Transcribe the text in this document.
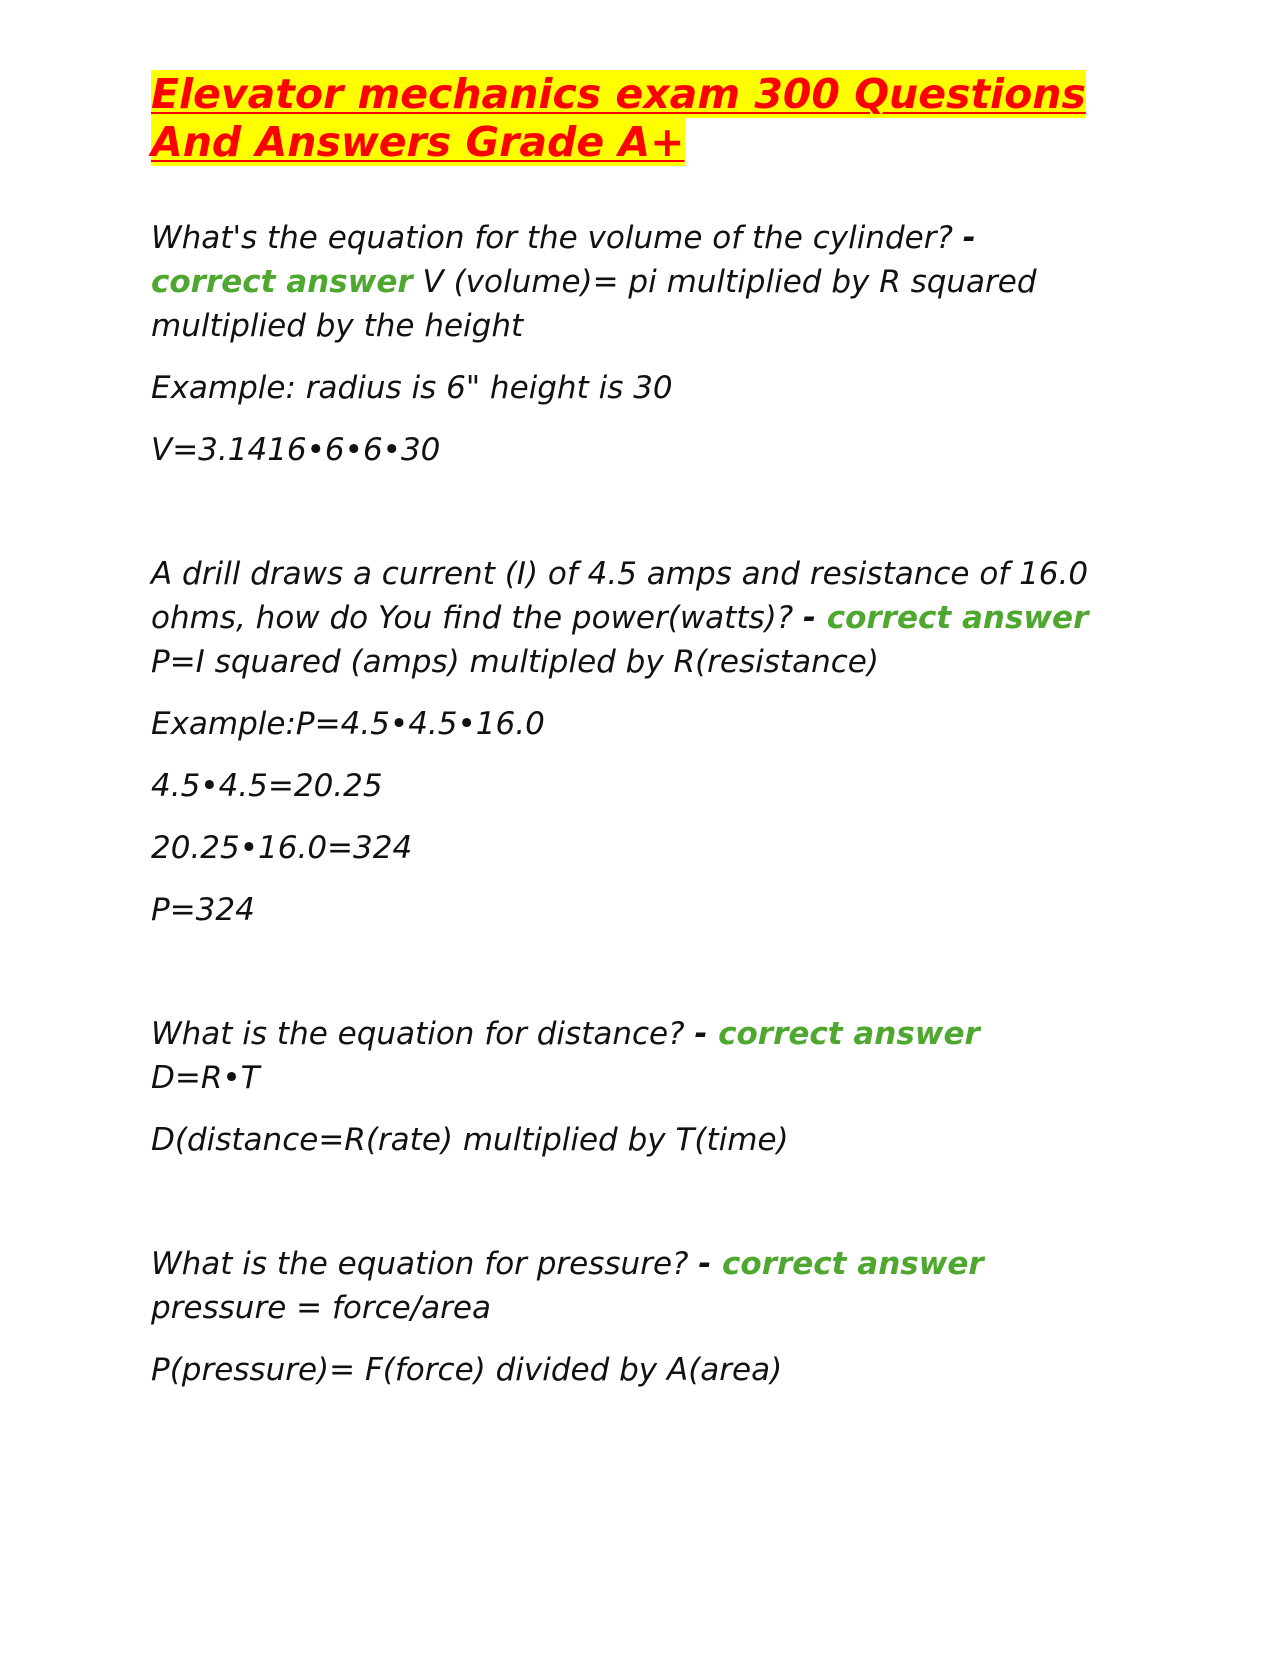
Elevator mechanics exam 300 Questions
And Answers Grade A+

What's the equation for the volume of the cylinder? -
correct answer V (volume)= pi multiplied by R squared multiplied by the height

Example: radius is 6" height is 30

V=3.1416•6•6•30

A drill draws a current (I) of 4.5 amps and resistance of 16.0 ohms, how do You find the power(watts)? - correct answer P=I squared (amps) multipled by R(resistance)

Example:P=4.5•4.5•16.0

4.5•4.5=20.25

20.25•16.0=324

P=324

What is the equation for distance? - correct answer
D=R•T

D(distance=R(rate) multiplied by T(time)

What is the equation for pressure? - correct answer
pressure = force/area

P(pressure)= F(force) divided by A(area)
